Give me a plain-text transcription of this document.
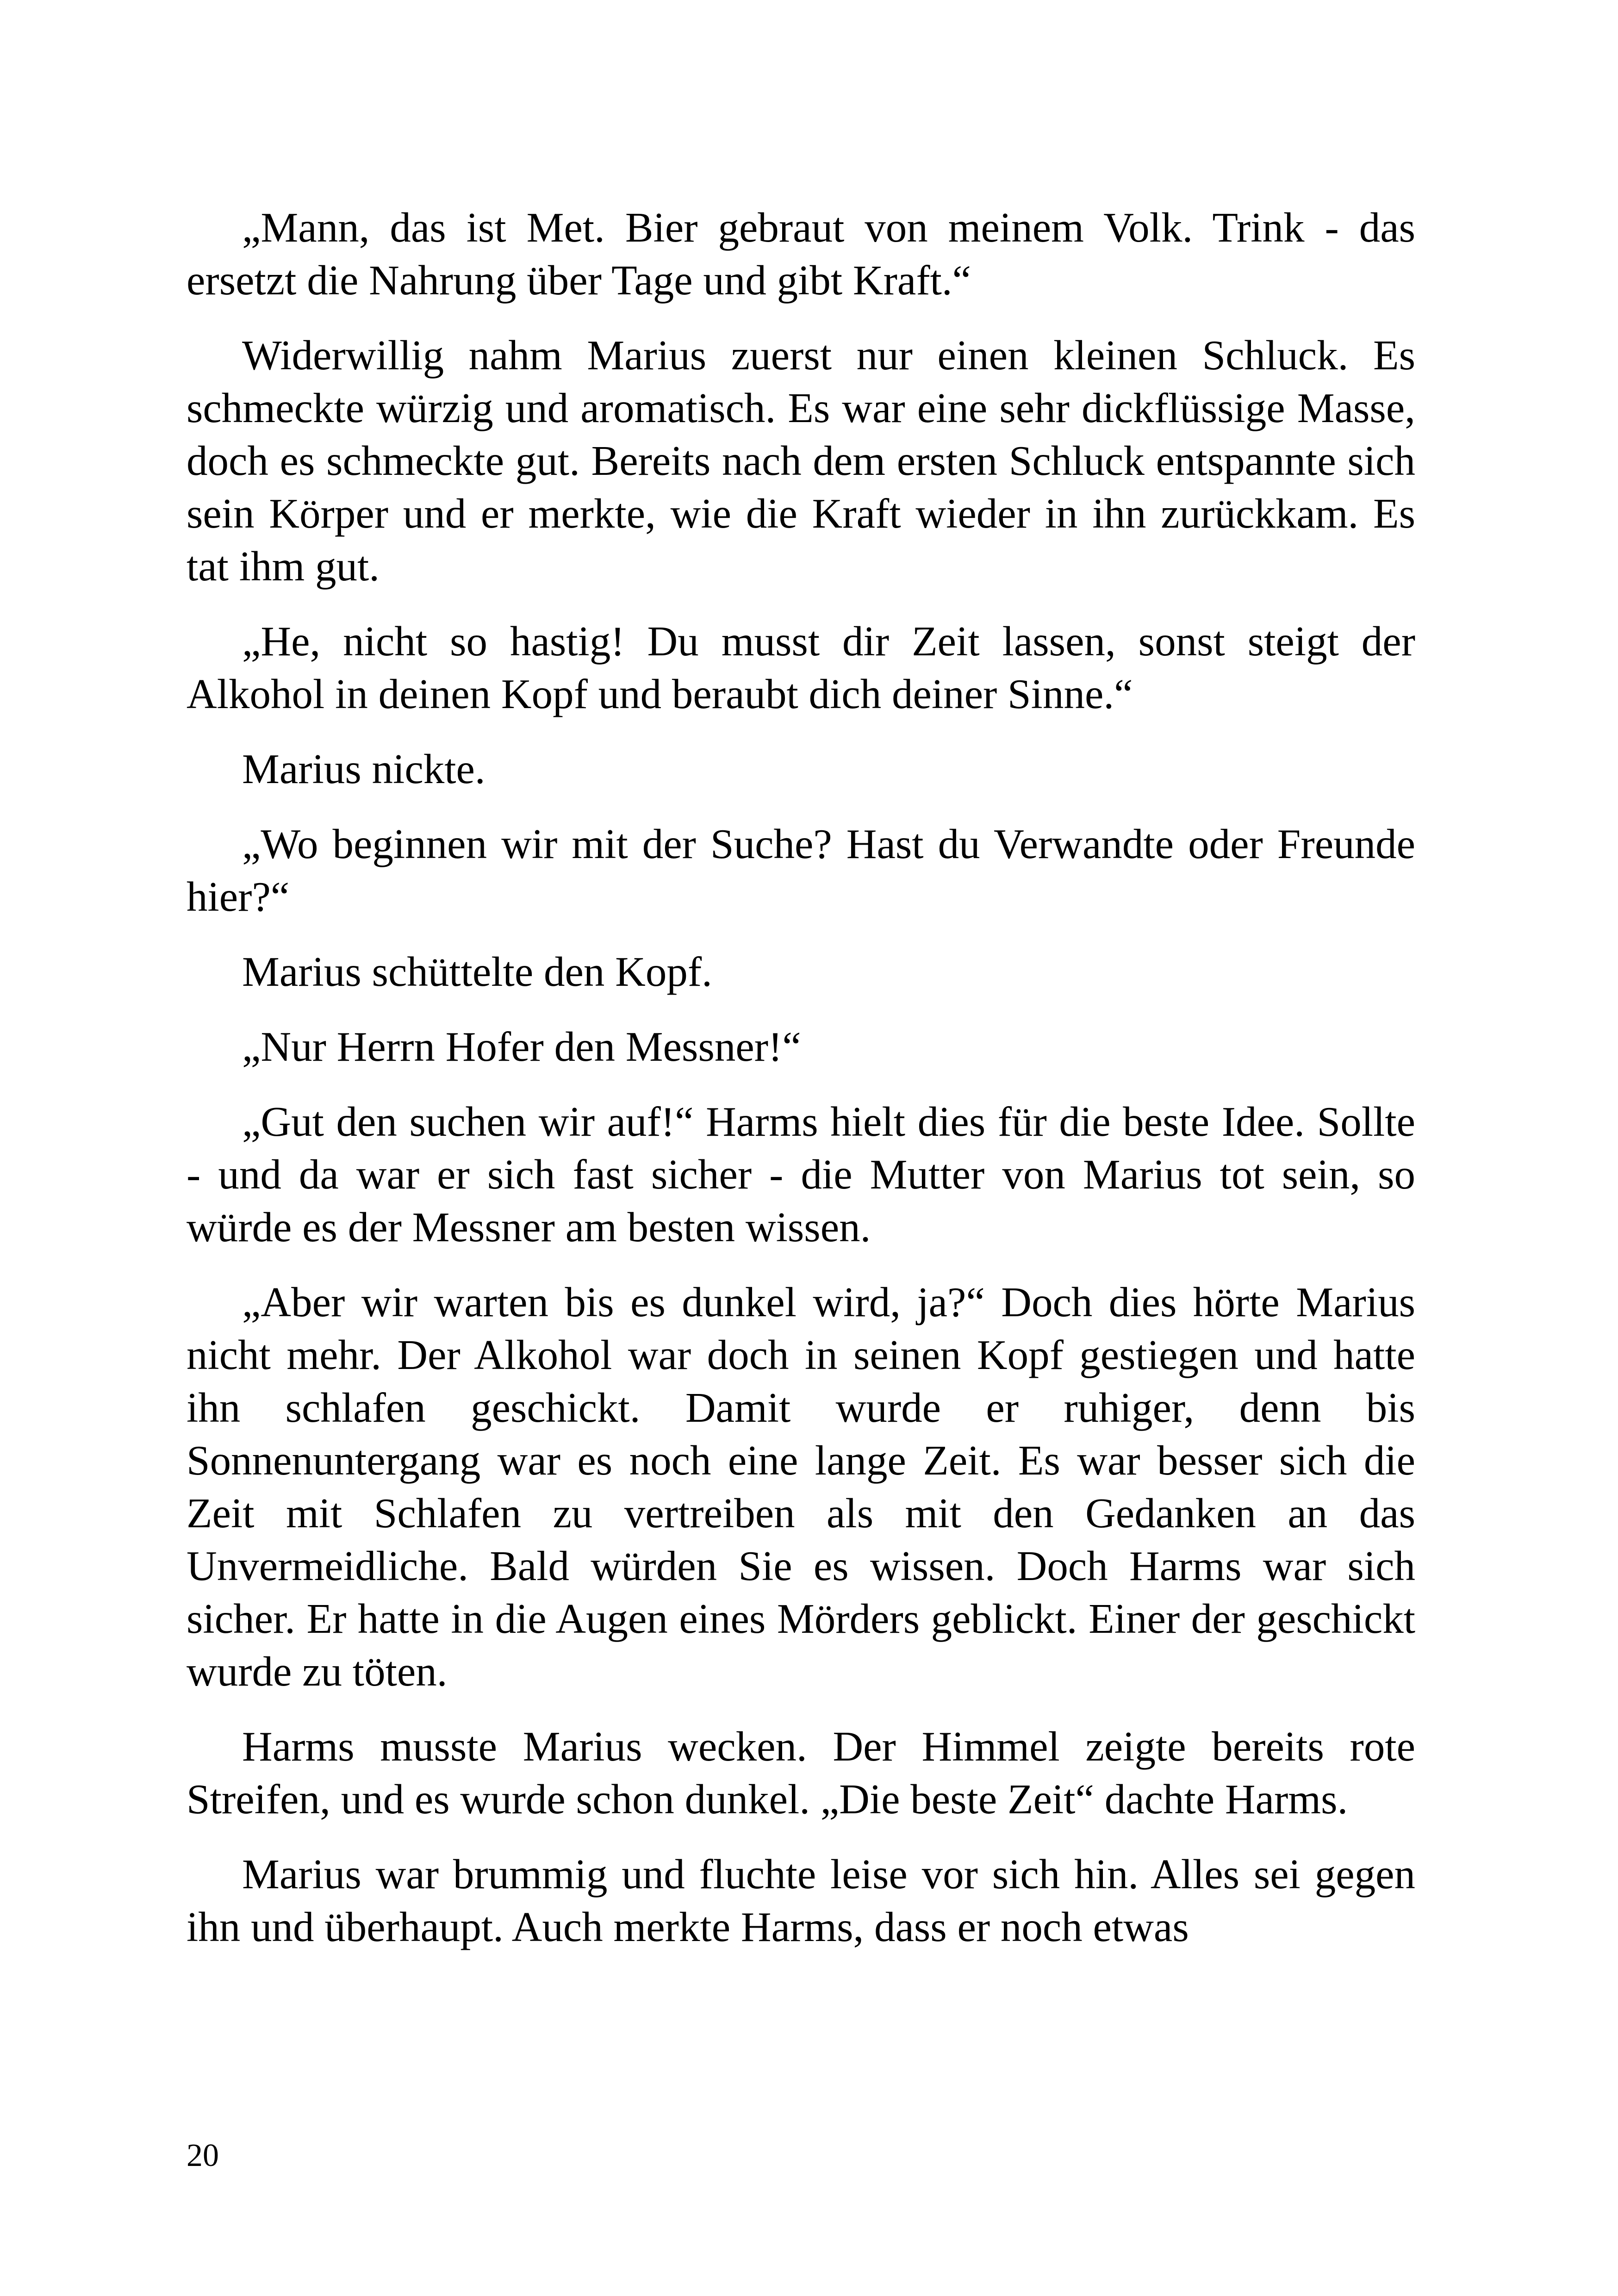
„Mann, das ist Met. Bier gebraut von meinem Volk. Trink - das ersetzt die Nahrung über Tage und gibt Kraft.“

Widerwillig nahm Marius zuerst nur einen kleinen Schluck. Es schmeckte würzig und aromatisch. Es war eine sehr dickflüssige Masse, doch es schmeckte gut. Bereits nach dem ersten Schluck entspannte sich sein Körper und er merkte, wie die Kraft wieder in ihn zurückkam. Es tat ihm gut.

„He, nicht so hastig! Du musst dir Zeit lassen, sonst steigt der Alkohol in deinen Kopf und beraubt dich deiner Sinne.“

Marius nickte.

„Wo beginnen wir mit der Suche? Hast du Verwandte oder Freunde hier?“

Marius schüttelte den Kopf.

„Nur Herrn Hofer den Messner!“

„Gut den suchen wir auf!“ Harms hielt dies für die beste Idee. Sollte - und da war er sich fast sicher - die Mutter von Marius tot sein, so würde es der Messner am besten wissen.

„Aber wir warten bis es dunkel wird, ja?“ Doch dies hörte Marius nicht mehr. Der Alkohol war doch in seinen Kopf gestiegen und hatte ihn schlafen geschickt. Damit wurde er ruhiger, denn bis Sonnenuntergang war es noch eine lange Zeit. Es war besser sich die Zeit mit Schlafen zu vertreiben als mit den Gedanken an das Unvermeidliche. Bald würden Sie es wissen. Doch Harms war sich sicher. Er hatte in die Augen eines Mörders geblickt. Einer der geschickt wurde zu töten.

Harms musste Marius wecken. Der Himmel zeigte bereits rote Streifen, und es wurde schon dunkel. „Die beste Zeit“ dachte Harms.

Marius war brummig und fluchte leise vor sich hin. Alles sei gegen ihn und überhaupt. Auch merkte Harms, dass er noch etwas

20
